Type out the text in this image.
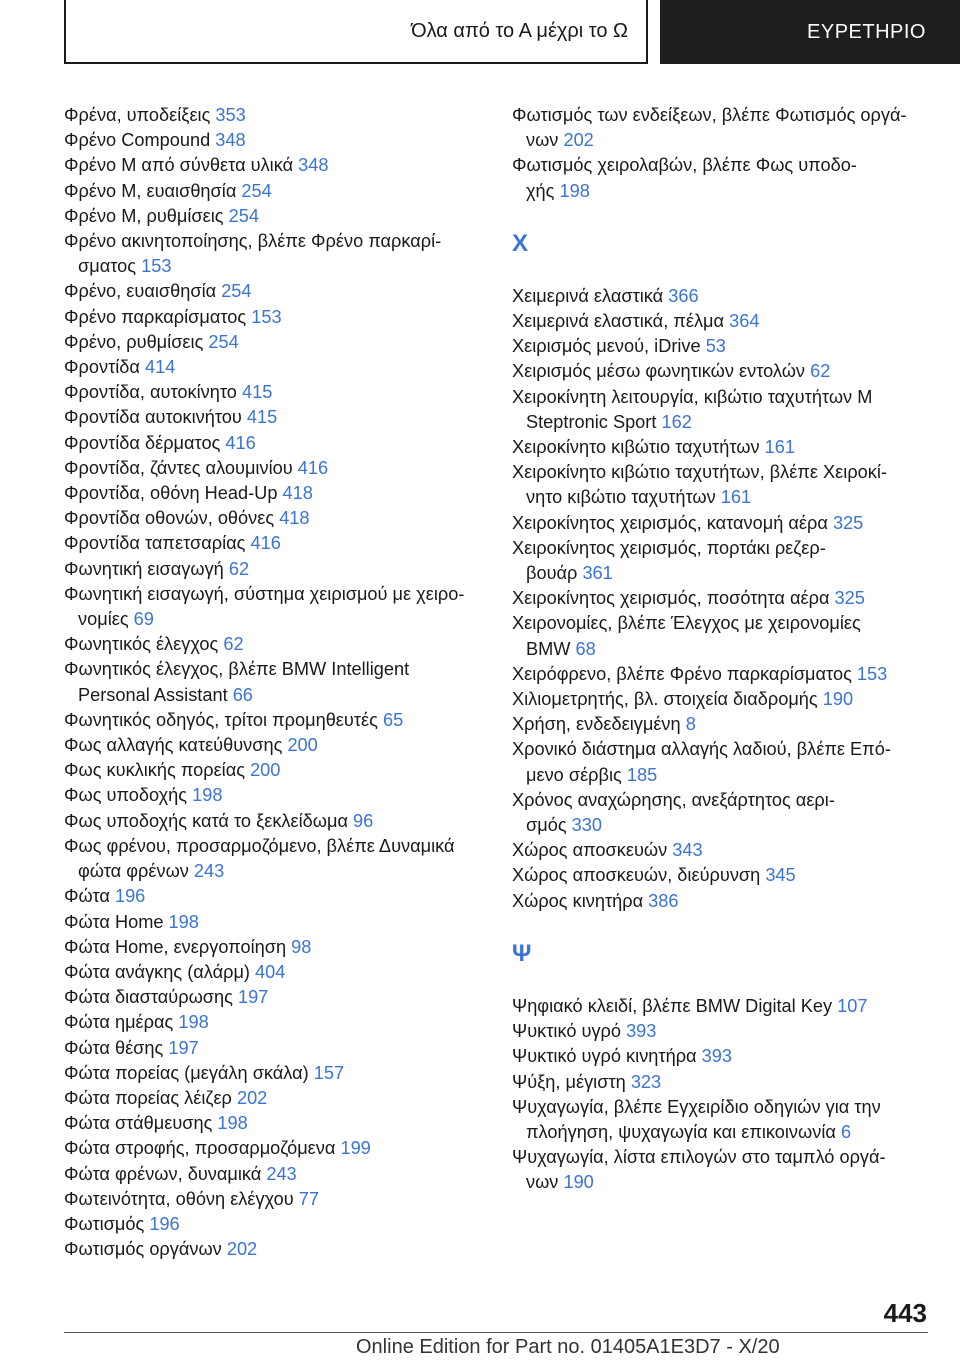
Όλα από το Α μέχρι το Ω	ΕΥΡΕΤΗΡΙΟ
Φρένα, υποδείξεις 353
Φρένο Compound 348
Φρένο M από σύνθετα υλικά 348
Φρένο M, ευαισθησία 254
Φρένο M, ρυθμίσεις 254
Φρένο ακινητοποίησης, βλέπε Φρένο παρκαρί-
σματος 153
Φρένο, ευαισθησία 254
Φρένο παρκαρίσματος 153
Φρένο, ρυθμίσεις 254
Φροντίδα 414
Φροντίδα, αυτοκίνητο 415
Φροντίδα αυτοκινήτου 415
Φροντίδα δέρματος 416
Φροντίδα, ζάντες αλουμινίου 416
Φροντίδα, οθόνη Head-Up 418
Φροντίδα οθονών, οθόνες 418
Φροντίδα ταπετσαρίας 416
Φωνητική εισαγωγή 62
Φωνητική εισαγωγή, σύστημα χειρισμού με χειρο-
νομίες 69
Φωνητικός έλεγχος 62
Φωνητικός έλεγχος, βλέπε BMW Intelligent
Personal Assistant 66
Φωνητικός οδηγός, τρίτοι προμηθευτές 65
Φως αλλαγής κατεύθυνσης 200
Φως κυκλικής πορείας 200
Φως υποδοχής 198
Φως υποδοχής κατά το ξεκλείδωμα 96
Φως φρένου, προσαρμοζόμενο, βλέπε Δυναμικά
φώτα φρένων 243
Φώτα 196
Φώτα Home 198
Φώτα Home, ενεργοποίηση 98
Φώτα ανάγκης (αλάρμ) 404
Φώτα διασταύρωσης 197
Φώτα ημέρας 198
Φώτα θέσης 197
Φώτα πορείας (μεγάλη σκάλα) 157
Φώτα πορείας λέιζερ 202
Φώτα στάθμευσης 198
Φώτα στροφής, προσαρμοζόμενα 199
Φώτα φρένων, δυναμικά 243
Φωτεινότητα, οθόνη ελέγχου 77
Φωτισμός 196
Φωτισμός οργάνων 202
Φωτισμός των ενδείξεων, βλέπε Φωτισμός οργά-
νων 202
Φωτισμός χειρολαβών, βλέπε Φως υποδο-
χής 198
Χ
Χειμερινά ελαστικά 366
Χειμερινά ελαστικά, πέλμα 364
Χειρισμός μενού, iDrive 53
Χειρισμός μέσω φωνητικών εντολών 62
Χειροκίνητη λειτουργία, κιβώτιο ταχυτήτων M
Steptronic Sport 162
Χειροκίνητο κιβώτιο ταχυτήτων 161
Χειροκίνητο κιβώτιο ταχυτήτων, βλέπε Χειροκί-
νητο κιβώτιο ταχυτήτων 161
Χειροκίνητος χειρισμός, κατανομή αέρα 325
Χειροκίνητος χειρισμός, πορτάκι ρεζερ-
βουάρ 361
Χειροκίνητος χειρισμός, ποσότητα αέρα 325
Χειρονομίες, βλέπε Έλεγχος με χειρονομίες
BMW 68
Χειρόφρενο, βλέπε Φρένο παρκαρίσματος 153
Χιλιομετρητής, βλ. στοιχεία διαδρομής 190
Χρήση, ενδεδειγμένη 8
Χρονικό διάστημα αλλαγής λαδιού, βλέπε Επό-
μενο σέρβις 185
Χρόνος αναχώρησης, ανεξάρτητος αερι-
σμός 330
Χώρος αποσκευών 343
Χώρος αποσκευών, διεύρυνση 345
Χώρος κινητήρα 386
Ψ
Ψηφιακό κλειδί, βλέπε BMW Digital Key 107
Ψυκτικό υγρό 393
Ψυκτικό υγρό κινητήρα 393
Ψύξη, μέγιστη 323
Ψυχαγωγία, βλέπε Εγχειρίδιο οδηγιών για την
πλοήγηση, ψυχαγωγία και επικοινωνία 6
Ψυχαγωγία, λίστα επιλογών στο ταμπλό οργά-
νων 190
443
Online Edition for Part no. 01405A1E3D7 - X/20
